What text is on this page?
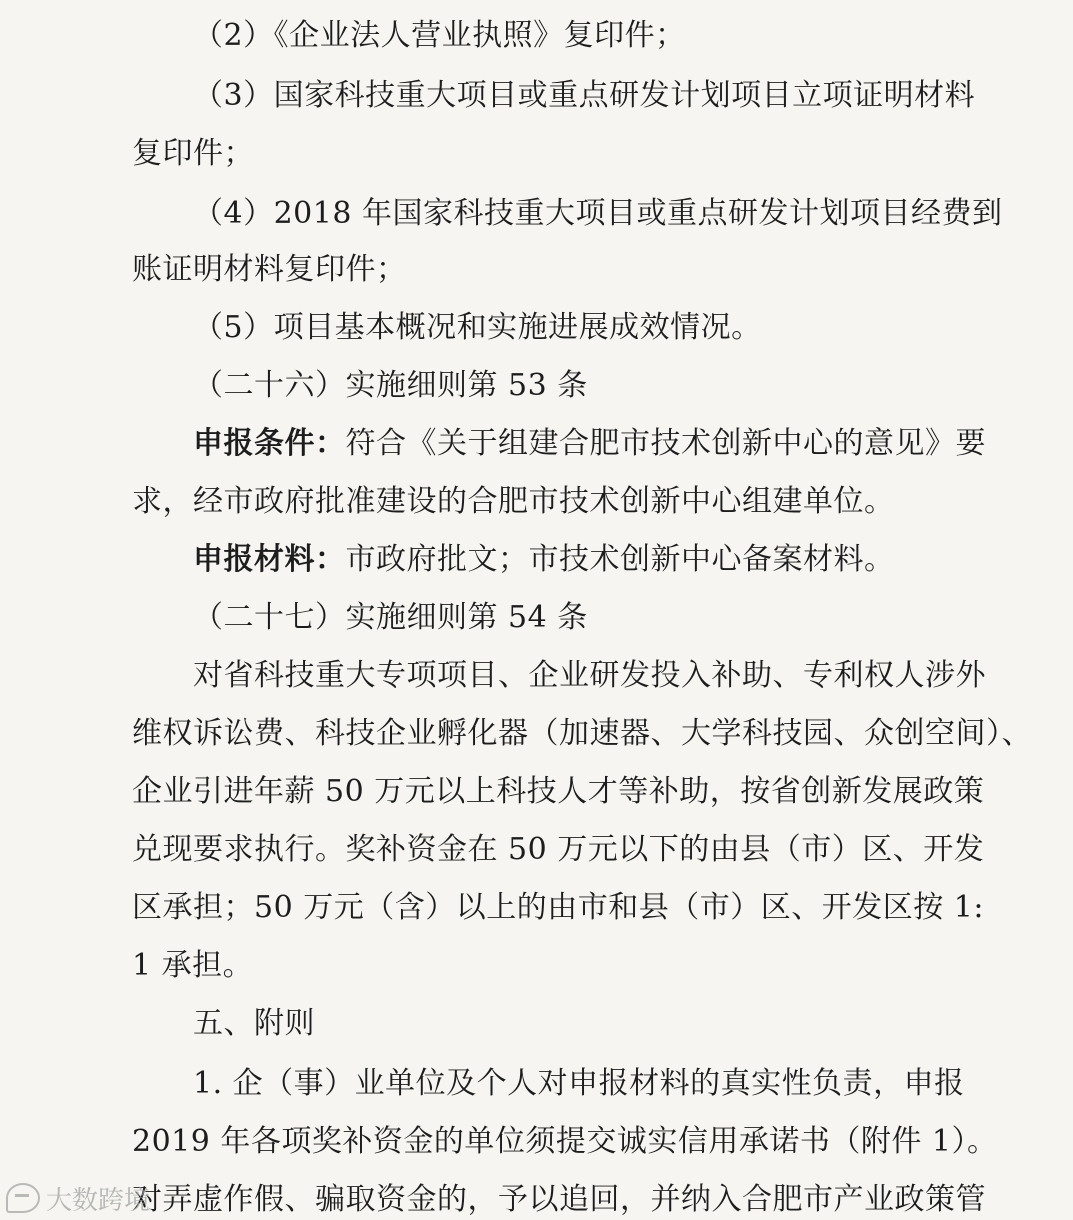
（2）《企业法人营业执照》复印件；
（3）国家科技重大项目或重点研发计划项目立项证明材料
复印件；
（4）2018 年国家科技重大项目或重点研发计划项目经费到
账证明材料复印件；
（5）项目基本概况和实施进展成效情况。
（二十六）实施细则第 53 条
申报条件：符合《关于组建合肥市技术创新中心的意见》要
求，经市政府批准建设的合肥市技术创新中心组建单位。
申报材料：市政府批文；市技术创新中心备案材料。
（二十七）实施细则第 54 条
对省科技重大专项项目、企业研发投入补助、专利权人涉外
维权诉讼费、科技企业孵化器（加速器、大学科技园、众创空间）、
企业引进年薪 50 万元以上科技人才等补助，按省创新发展政策
兑现要求执行。奖补资金在 50 万元以下的由县（市）区、开发
区承担；50 万元（含）以上的由市和县（市）区、开发区按 1:
1 承担。
五、附则
1. 企（事）业单位及个人对申报材料的真实性负责，申报
2019 年各项奖补资金的单位须提交诚实信用承诺书（附件 1）。
对弄虚作假、骗取资金的，予以追回，并纳入合肥市产业政策管
大数跨境
